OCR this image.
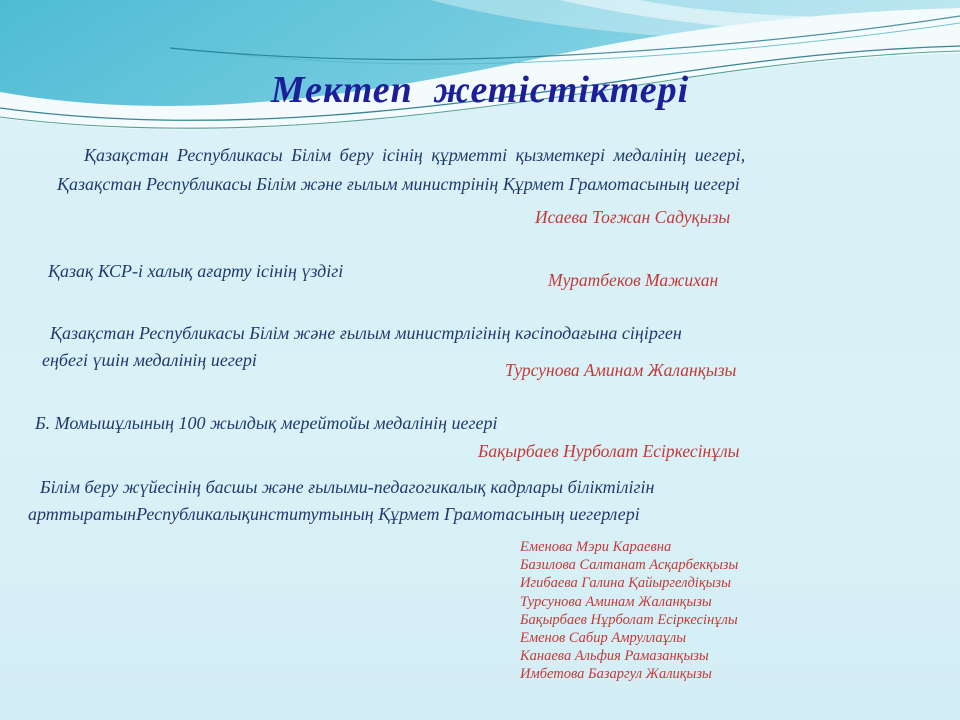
Мектеп  жетістіктері
Қазақстан Республикасы Білім беру ісінің құрметті қызметкері медалінің иегері,
Қазақстан Республикасы Білім және ғылым министрінің Құрмет Грамотасының иегері
Исаева Тоғжан Садуқызы
Қазақ КСР-і халық ағарту ісінің үздігі	Муратбеков Мажихан
Қазақстан Республикасы Білім және ғылым министрлігінің кәсіподағына сіңірген
еңбегі үшін медалінің иегері	Турсунова Аминам Жаланқызы
Б. Момышұлының 100 жылдық мерейтойы медалінің иегері
Бақырбаев Нурболат Есіркесінұлы
Білім беру жүйесінің басшы және ғылыми-педагогикалық кадрлары біліктілігін
арттыратынРеспубликалықинститутының Құрмет Грамотасының иегерлері
Еменова Мэри Караевна
Базилова Салтанат Асқарбекқызы
Игибаева Галина Қайыргелдіқызы
Турсунова Аминам Жаланқызы
Бақырбаев Нұрболат Есіркесінұлы
Еменов Сабир Амруллаұлы
Канаева Альфия Рамазанқызы
Имбетова Базаргул Жалиқызы
